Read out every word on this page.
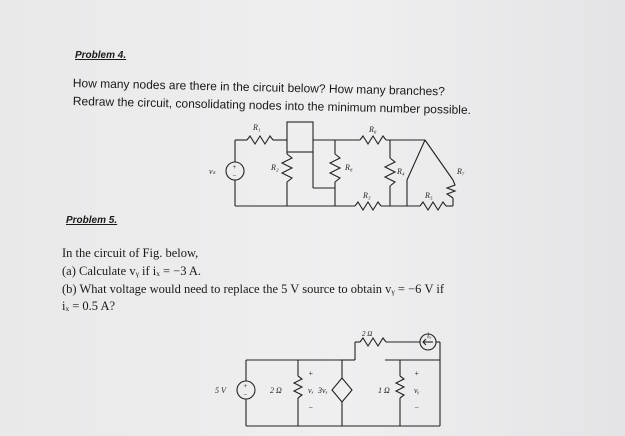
Problem 4.
How many nodes are there in the circuit below? How many branches?
Redraw the circuit, consolidating nodes into the minimum number possible.
+
−
vₛ
R₁
R₂	R₈
R₆
R₄	R₇
R₃	R₅
Problem 5.
In the circuit of Fig. below,
(a) Calculate vᵧ if iₓ = −3 A.
(b) What voltage would need to replace the 5 V source to obtain vᵧ = −6 V if
iₓ = 0.5 A?
+
−
5 V	2 Ω
+
vₓ
−
3vₓ
2 Ω	iₓ
1 Ω
+
vᵧ
−
